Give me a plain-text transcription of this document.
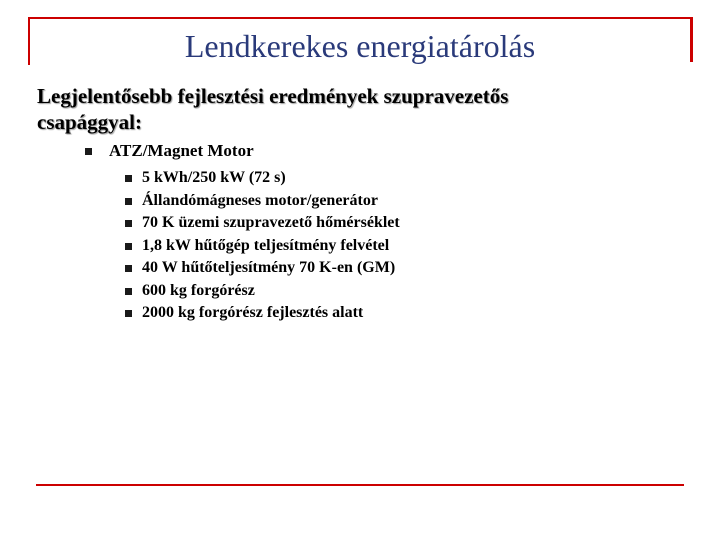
Lendkerekes energiatárolás
Legjelentősebb fejlesztési eredmények szupravezetős
csapággyal:
ATZ/Magnet Motor
5 kWh/250 kW (72 s)
Állandómágneses motor/generátor
70 K üzemi szupravezető hőmérséklet
1,8 kW hűtőgép teljesítmény felvétel
40 W hűtőteljesítmény 70 K-en (GM)
600 kg forgórész
2000 kg forgórész fejlesztés alatt
